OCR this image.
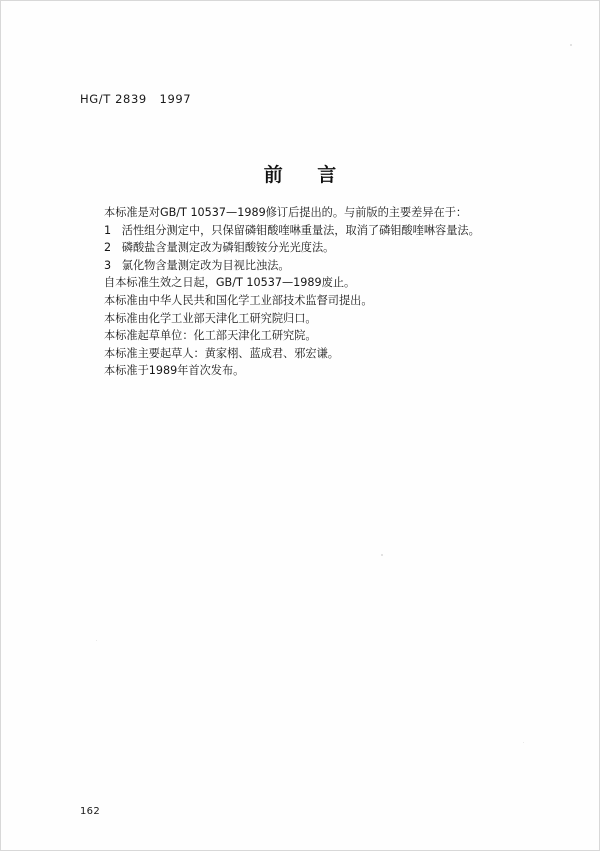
HG/T 2839   1997
前 言
本标准是对GB/T 10537—1989修订后提出的。与前版的主要差异在于：
1   活性组分测定中，只保留磷钼酸喹啉重量法，取消了磷钼酸喹啉容量法。
2   磷酸盐含量测定改为磷钼酸铵分光光度法。
3   氯化物含量测定改为目视比浊法。
自本标准生效之日起，GB/T 10537—1989废止。
本标准由中华人民共和国化学工业部技术监督司提出。
本标准由化学工业部天津化工研究院归口。
本标准起草单位：化工部天津化工研究院。
本标准主要起草人：黄家栩、蓝成君、邪宏谦。
本标准于1989年首次发布。
162
